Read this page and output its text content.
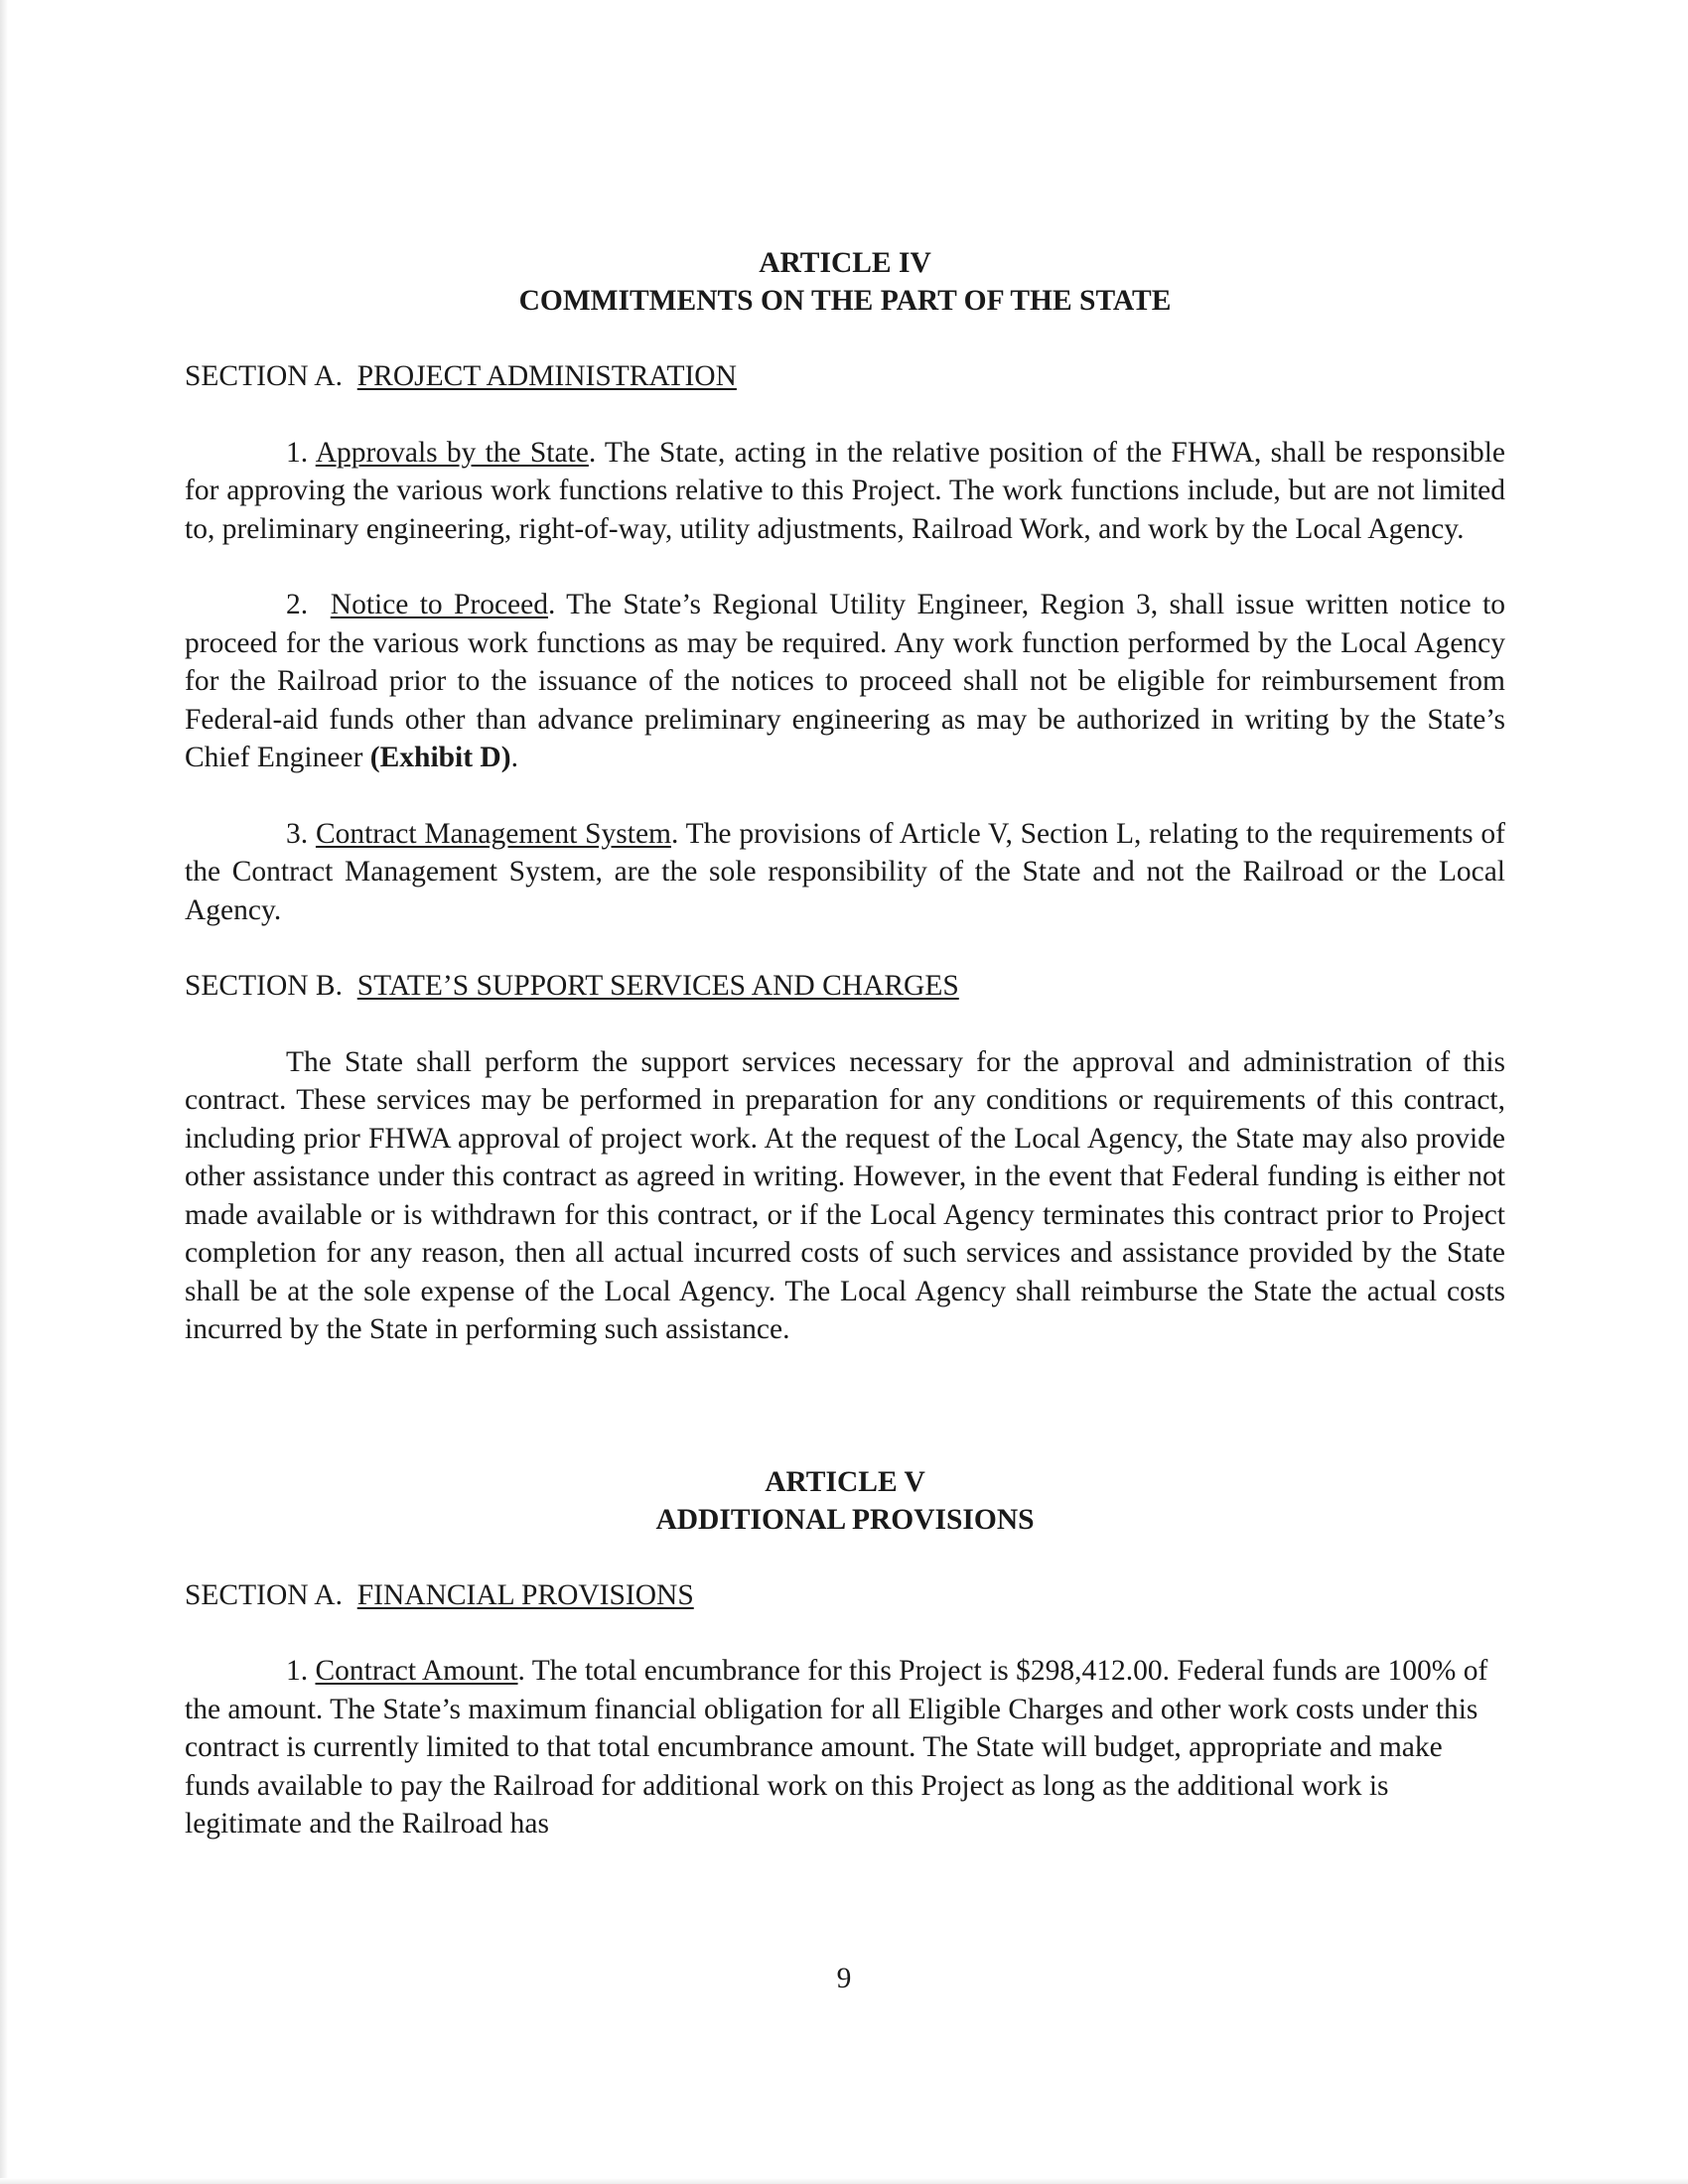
ARTICLE IV

COMMITMENTS ON THE PART OF THE STATE

SECTION A. PROJECT ADMINISTRATION

1. Approvals by the State. The State, acting in the relative position of the FHWA, shall be responsible for approving the various work functions relative to this Project. The work functions include, but are not limited to, preliminary engineering, right-of-way, utility adjustments, Railroad Work, and work by the Local Agency.

2. Notice to Proceed. The State’s Regional Utility Engineer, Region 3, shall issue written notice to proceed for the various work functions as may be required. Any work function performed by the Local Agency for the Railroad prior to the issuance of the notices to proceed shall not be eligible for reimbursement from Federal-aid funds other than advance preliminary engineering as may be authorized in writing by the State’s Chief Engineer (Exhibit D).

3. Contract Management System. The provisions of Article V, Section L, relating to the requirements of the Contract Management System, are the sole responsibility of the State and not the Railroad or the Local Agency.

SECTION B. STATE’S SUPPORT SERVICES AND CHARGES

The State shall perform the support services necessary for the approval and administration of this contract. These services may be performed in preparation for any conditions or requirements of this contract, including prior FHWA approval of project work. At the request of the Local Agency, the State may also provide other assistance under this contract as agreed in writing. However, in the event that Federal funding is either not made available or is withdrawn for this contract, or if the Local Agency terminates this contract prior to Project completion for any reason, then all actual incurred costs of such services and assistance provided by the State shall be at the sole expense of the Local Agency. The Local Agency shall reimburse the State the actual costs incurred by the State in performing such assistance.

ARTICLE V

ADDITIONAL PROVISIONS

SECTION A. FINANCIAL PROVISIONS

1. Contract Amount. The total encumbrance for this Project is $298,412.00. Federal funds are 100% of the amount. The State’s maximum financial obligation for all Eligible Charges and other work costs under this contract is currently limited to that total encumbrance amount. The State will budget, appropriate and make funds available to pay the Railroad for additional work on this Project as long as the additional work is legitimate and the Railroad has

9
